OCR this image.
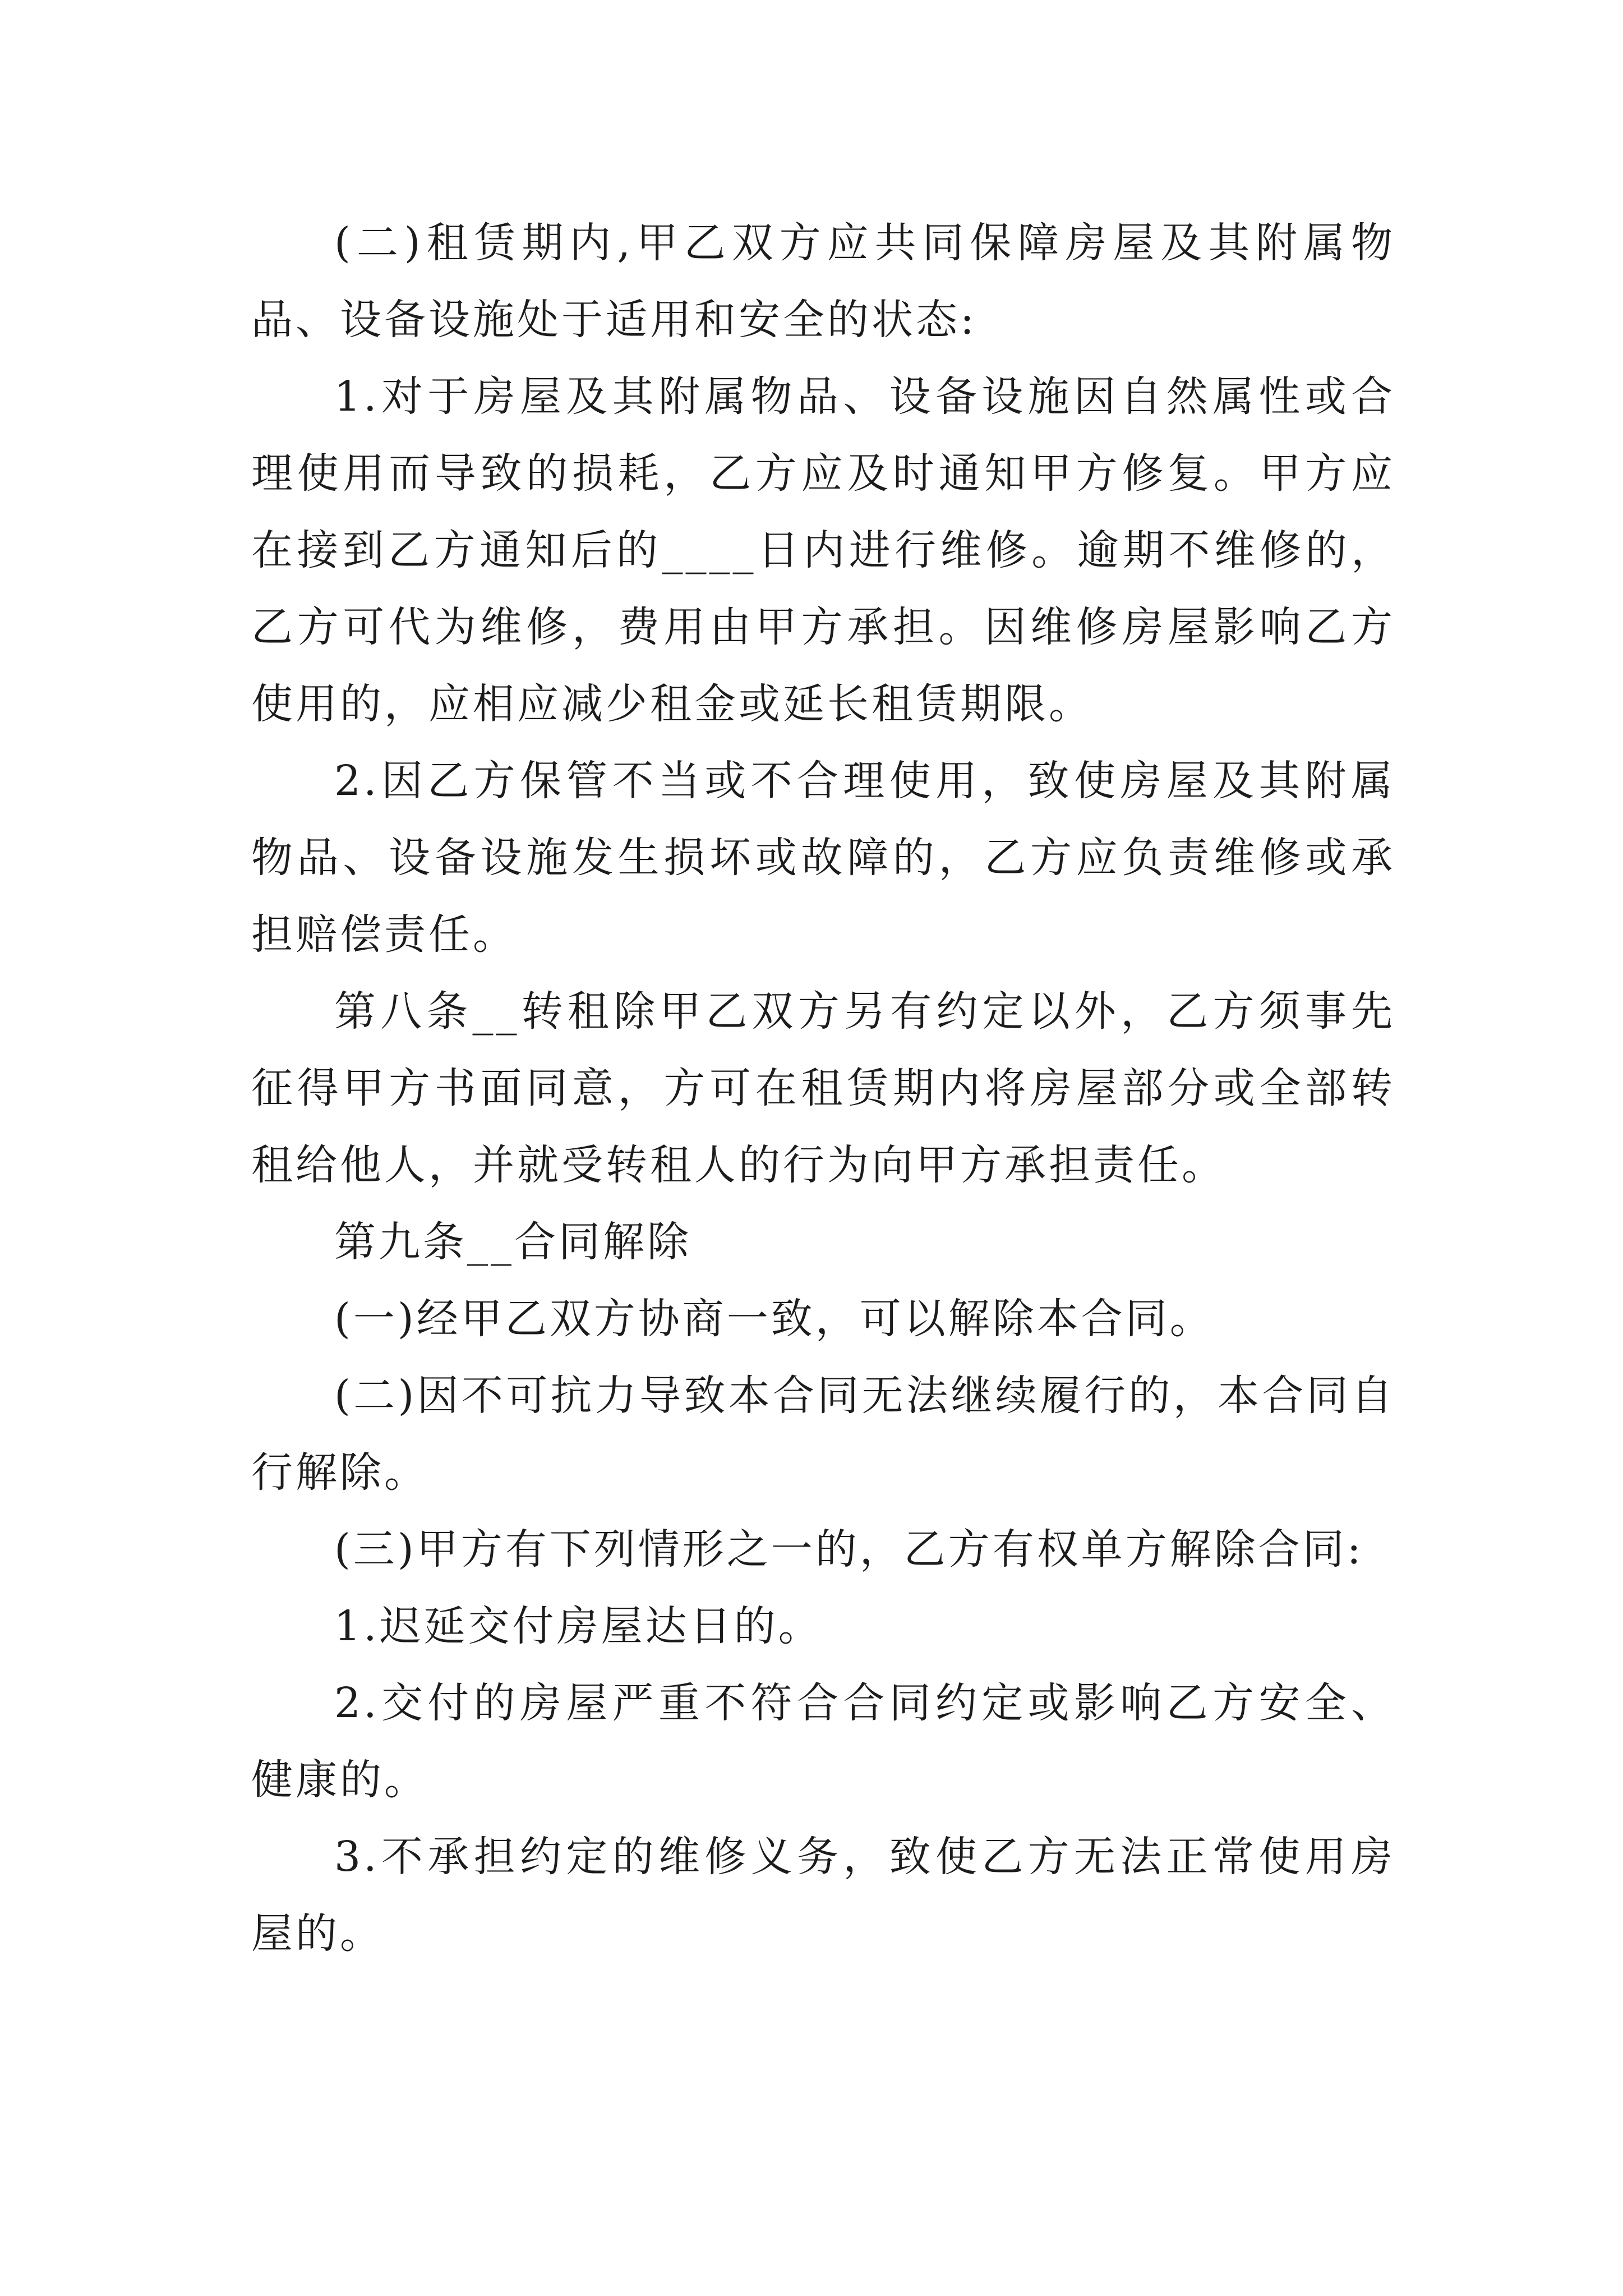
(二)租赁期内,甲乙双方应共同保障房屋及其附属物品、设备设施处于适用和安全的状态:

1.对于房屋及其附属物品、设备设施因自然属性或合理使用而导致的损耗，乙方应及时通知甲方修复。甲方应在接到乙方通知后的____日内进行维修。逾期不维修的，乙方可代为维修，费用由甲方承担。因维修房屋影响乙方使用的，应相应减少租金或延长租赁期限。

2.因乙方保管不当或不合理使用，致使房屋及其附属物品、设备设施发生损坏或故障的，乙方应负责维修或承担赔偿责任。

第八条__转租除甲乙双方另有约定以外，乙方须事先征得甲方书面同意，方可在租赁期内将房屋部分或全部转租给他人，并就受转租人的行为向甲方承担责任。

第九条__合同解除

(一)经甲乙双方协商一致，可以解除本合同。

(二)因不可抗力导致本合同无法继续履行的，本合同自行解除。

(三)甲方有下列情形之一的，乙方有权单方解除合同:

1.迟延交付房屋达日的。

2.交付的房屋严重不符合合同约定或影响乙方安全、健康的。

3.不承担约定的维修义务，致使乙方无法正常使用房屋的。
